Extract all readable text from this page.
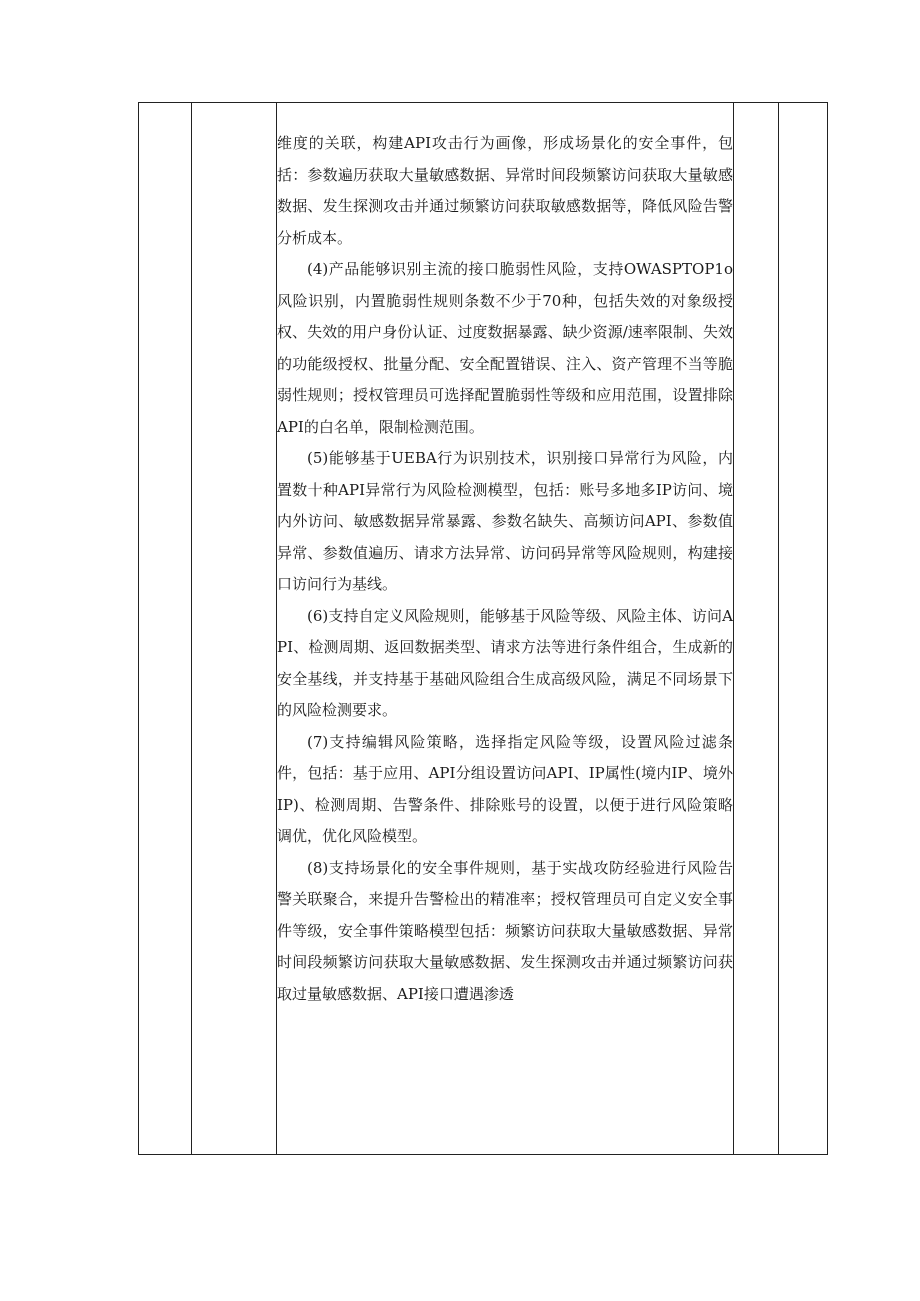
维度的关联，构建API攻击行为画像，形成场景化的安全事件，包括：参数遍历获取大量敏感数据、异常时间段频繁访问获取大量敏感数据、发生探测攻击并通过频繁访问获取敏感数据等，降低风险告警分析成本。

(4)产品能够识别主流的接口脆弱性风险，支持OWASPTOP1o风险识别，内置脆弱性规则条数不少于70种，包括失效的对象级授权、失效的用户身份认证、过度数据暴露、缺少资源/速率限制、失效的功能级授权、批量分配、安全配置错误、注入、资产管理不当等脆弱性规则；授权管理员可选择配置脆弱性等级和应用范围，设置排除API的白名单，限制检测范围。

(5)能够基于UEBA行为识别技术，识别接口异常行为风险，内置数十种API异常行为风险检测模型，包括：账号多地多IP访问、境内外访问、敏感数据异常暴露、参数名缺失、高频访问API、参数值异常、参数值遍历、请求方法异常、访问码异常等风险规则，构建接口访问行为基线。

(6)支持自定义风险规则，能够基于风险等级、风险主体、访问API、检测周期、返回数据类型、请求方法等进行条件组合，生成新的安全基线，并支持基于基础风险组合生成高级风险，满足不同场景下的风险检测要求。

(7)支持编辑风险策略，选择指定风险等级，设置风险过滤条件，包括：基于应用、API分组设置访问API、IP属性(境内IP、境外IP)、检测周期、告警条件、排除账号的设置，以便于进行风险策略调优，优化风险模型。

(8)支持场景化的安全事件规则，基于实战攻防经验进行风险告警关联聚合，来提升告警检出的精准率；授权管理员可自定义安全事件等级，安全事件策略模型包括：频繁访问获取大量敏感数据、异常时间段频繁访问获取大量敏感数据、发生探测攻击并通过频繁访问获取过量敏感数据、API接口遭遇渗透
